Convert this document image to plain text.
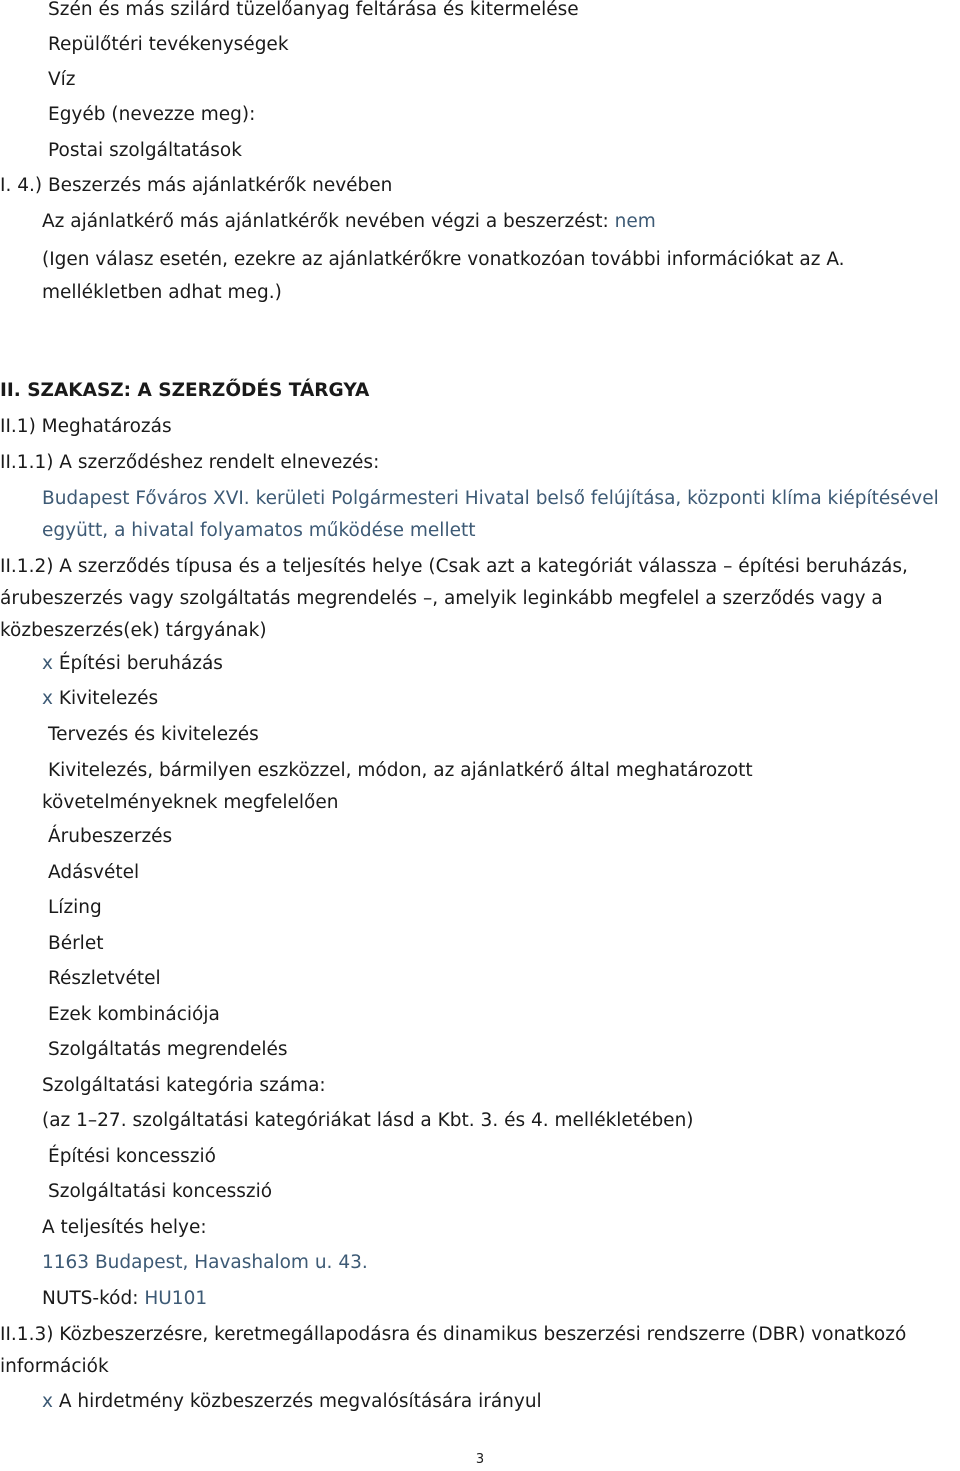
Szén és más szilárd tüzelőanyag feltárása és kitermelése

Repülőtéri tevékenységek

Víz

Egyéb (nevezze meg):

Postai szolgáltatások

I. 4.) Beszerzés más ajánlatkérők nevében

Az ajánlatkérő más ajánlatkérők nevében végzi a beszerzést: nem

(Igen válasz esetén, ezekre az ajánlatkérőkre vonatkozóan további információkat az A. mellékletben adhat meg.)

II. SZAKASZ: A SZERZŐDÉS TÁRGYA

II.1) Meghatározás

II.1.1) A szerződéshez rendelt elnevezés:

Budapest Főváros XVI. kerületi Polgármesteri Hivatal belső felújítása, központi klíma kiépítésével együtt, a hivatal folyamatos működése mellett

II.1.2) A szerződés típusa és a teljesítés helye (Csak azt a kategóriát válassza – építési beruházás, árubeszerzés vagy szolgáltatás megrendelés –, amelyik leginkább megfelel a szerződés vagy a közbeszerzés(ek) tárgyának)

x Építési beruházás

x Kivitelezés

Tervezés és kivitelezés

Kivitelezés, bármilyen eszközzel, módon, az ajánlatkérő által meghatározott követelményeknek megfelelően

Árubeszerzés

Adásvétel

Lízing

Bérlet

Részletvétel

Ezek kombinációja

Szolgáltatás megrendelés

Szolgáltatási kategória száma:

(az 1–27. szolgáltatási kategóriákat lásd a Kbt. 3. és 4. mellékletében)

Építési koncesszió

Szolgáltatási koncesszió

A teljesítés helye:

1163 Budapest, Havashalom u. 43.

NUTS-kód: HU101

II.1.3) Közbeszerzésre, keretmegállapodásra és dinamikus beszerzési rendszerre (DBR) vonatkozó információk

x A hirdetmény közbeszerzés megvalósítására irányul

3
